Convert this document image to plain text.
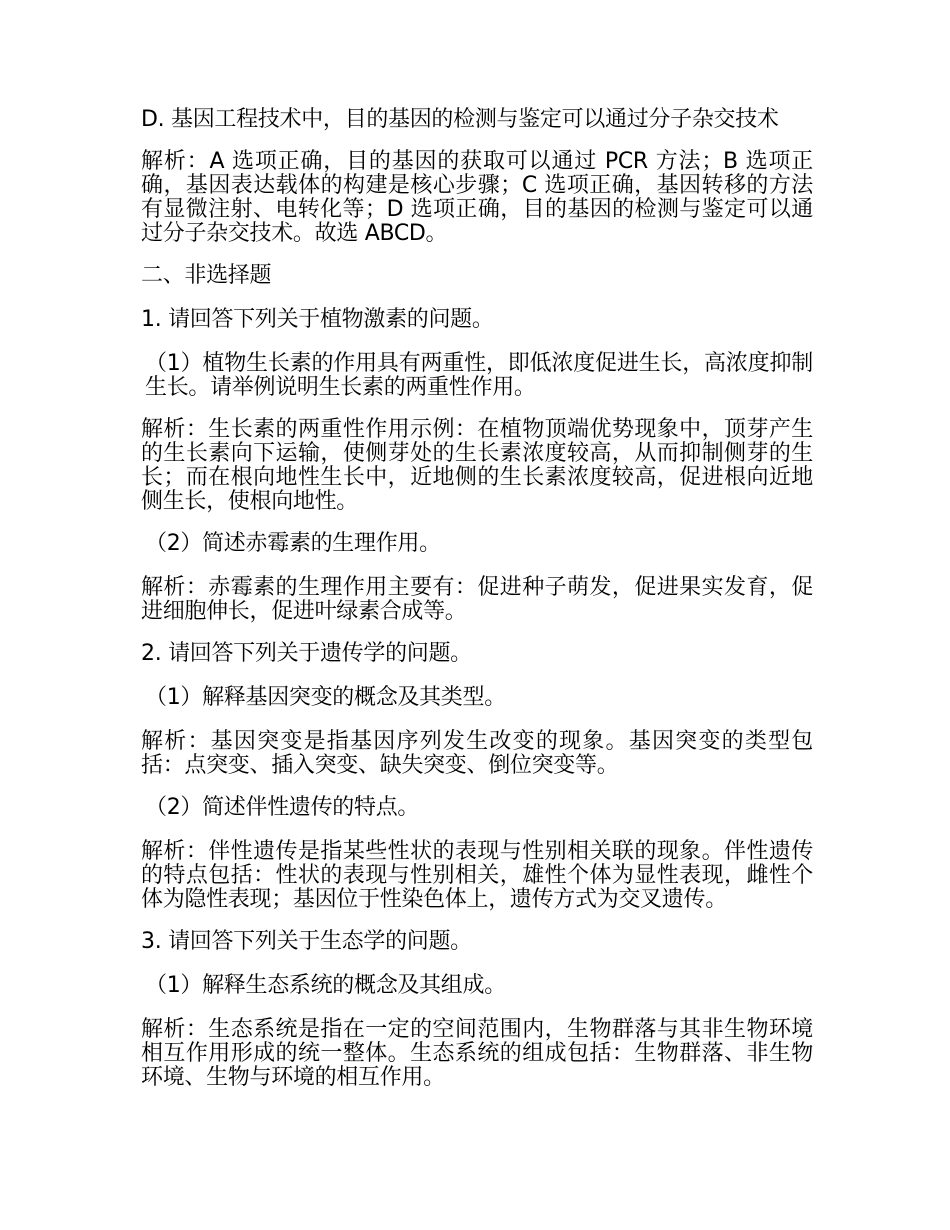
D. 基因工程技术中，目的基因的检测与鉴定可以通过分子杂交技术

解析：A 选项正确，目的基因的获取可以通过 PCR 方法；B 选项正确，基因表达载体的构建是核心步骤；C 选项正确，基因转移的方法有显微注射、电转化等；D 选项正确，目的基因的检测与鉴定可以通过分子杂交技术。故选 ABCD。

二、非选择题

1. 请回答下列关于植物激素的问题。

（1）植物生长素的作用具有两重性，即低浓度促进生长，高浓度抑制生长。请举例说明生长素的两重性作用。

解析：生长素的两重性作用示例：在植物顶端优势现象中，顶芽产生的生长素向下运输，使侧芽处的生长素浓度较高，从而抑制侧芽的生长；而在根向地性生长中，近地侧的生长素浓度较高，促进根向近地侧生长，使根向地性。

（2）简述赤霉素的生理作用。

解析：赤霉素的生理作用主要有：促进种子萌发，促进果实发育，促进细胞伸长，促进叶绿素合成等。

2. 请回答下列关于遗传学的问题。

（1）解释基因突变的概念及其类型。

解析：基因突变是指基因序列发生改变的现象。基因突变的类型包括：点突变、插入突变、缺失突变、倒位突变等。

（2）简述伴性遗传的特点。

解析：伴性遗传是指某些性状的表现与性别相关联的现象。伴性遗传的特点包括：性状的表现与性别相关，雄性个体为显性表现，雌性个体为隐性表现；基因位于性染色体上，遗传方式为交叉遗传。

3. 请回答下列关于生态学的问题。

（1）解释生态系统的概念及其组成。

解析：生态系统是指在一定的空间范围内，生物群落与其非生物环境相互作用形成的统一整体。生态系统的组成包括：生物群落、非生物环境、生物与环境的相互作用。
